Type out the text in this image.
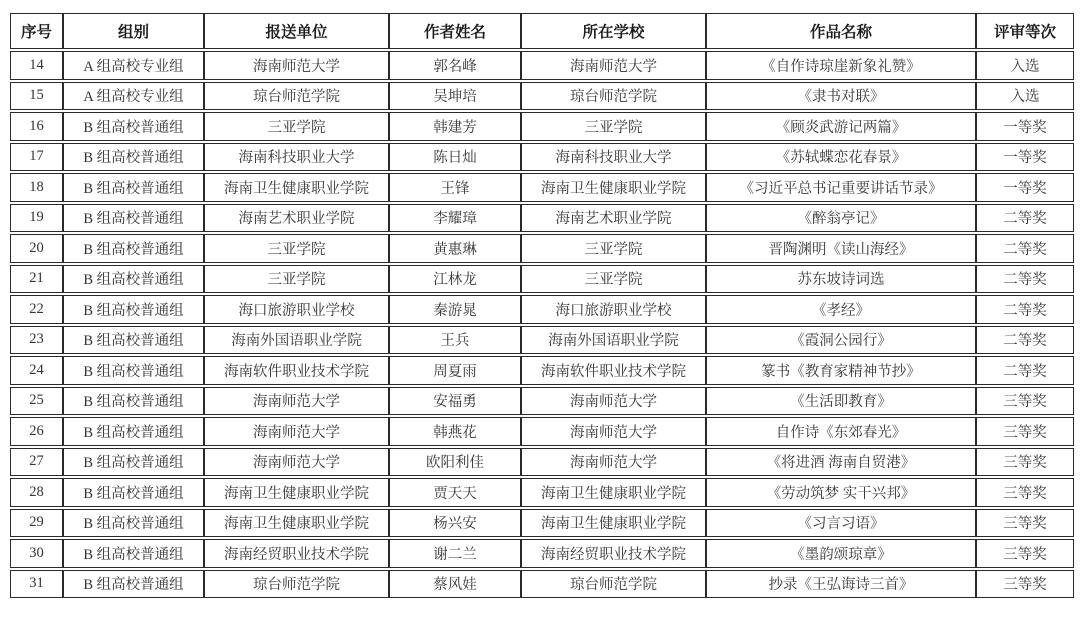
序号	组别	报送单位	作者姓名	所在学校	作品名称	评审等次
14	A 组高校专业组	海南师范大学	郭名峰	海南师范大学	《自作诗琼崖新象礼赞》	入选
15	A 组高校专业组	琼台师范学院	吴坤培	琼台师范学院	《隶书对联》	入选
16	B 组高校普通组	三亚学院	韩建芳	三亚学院	《顾炎武游记两篇》	一等奖
17	B 组高校普通组	海南科技职业大学	陈日灿	海南科技职业大学	《苏轼蝶恋花春景》	一等奖
18	B 组高校普通组	海南卫生健康职业学院	王锋	海南卫生健康职业学院	《习近平总书记重要讲话节录》	一等奖
19	B 组高校普通组	海南艺术职业学院	李耀璋	海南艺术职业学院	《醉翁亭记》	二等奖
20	B 组高校普通组	三亚学院	黄惠琳	三亚学院	晋陶渊明《读山海经》	二等奖
21	B 组高校普通组	三亚学院	江林龙	三亚学院	苏东坡诗词选	二等奖
22	B 组高校普通组	海口旅游职业学校	秦游晁	海口旅游职业学校	《孝经》	二等奖
23	B 组高校普通组	海南外国语职业学院	王兵	海南外国语职业学院	《霞洞公园行》	二等奖
24	B 组高校普通组	海南软件职业技术学院	周夏雨	海南软件职业技术学院	篆书《教育家精神节抄》	二等奖
25	B 组高校普通组	海南师范大学	安福勇	海南师范大学	《生活即教育》	三等奖
26	B 组高校普通组	海南师范大学	韩燕花	海南师范大学	自作诗《东郊春光》	三等奖
27	B 组高校普通组	海南师范大学	欧阳利佳	海南师范大学	《将进酒 海南自贸港》	三等奖
28	B 组高校普通组	海南卫生健康职业学院	贾天天	海南卫生健康职业学院	《劳动筑梦 实干兴邦》	三等奖
29	B 组高校普通组	海南卫生健康职业学院	杨兴安	海南卫生健康职业学院	《习言习语》	三等奖
30	B 组高校普通组	海南经贸职业技术学院	谢二兰	海南经贸职业技术学院	《墨韵颂琼章》	三等奖
31	B 组高校普通组	琼台师范学院	蔡风娃	琼台师范学院	抄录《王弘诲诗三首》	三等奖
